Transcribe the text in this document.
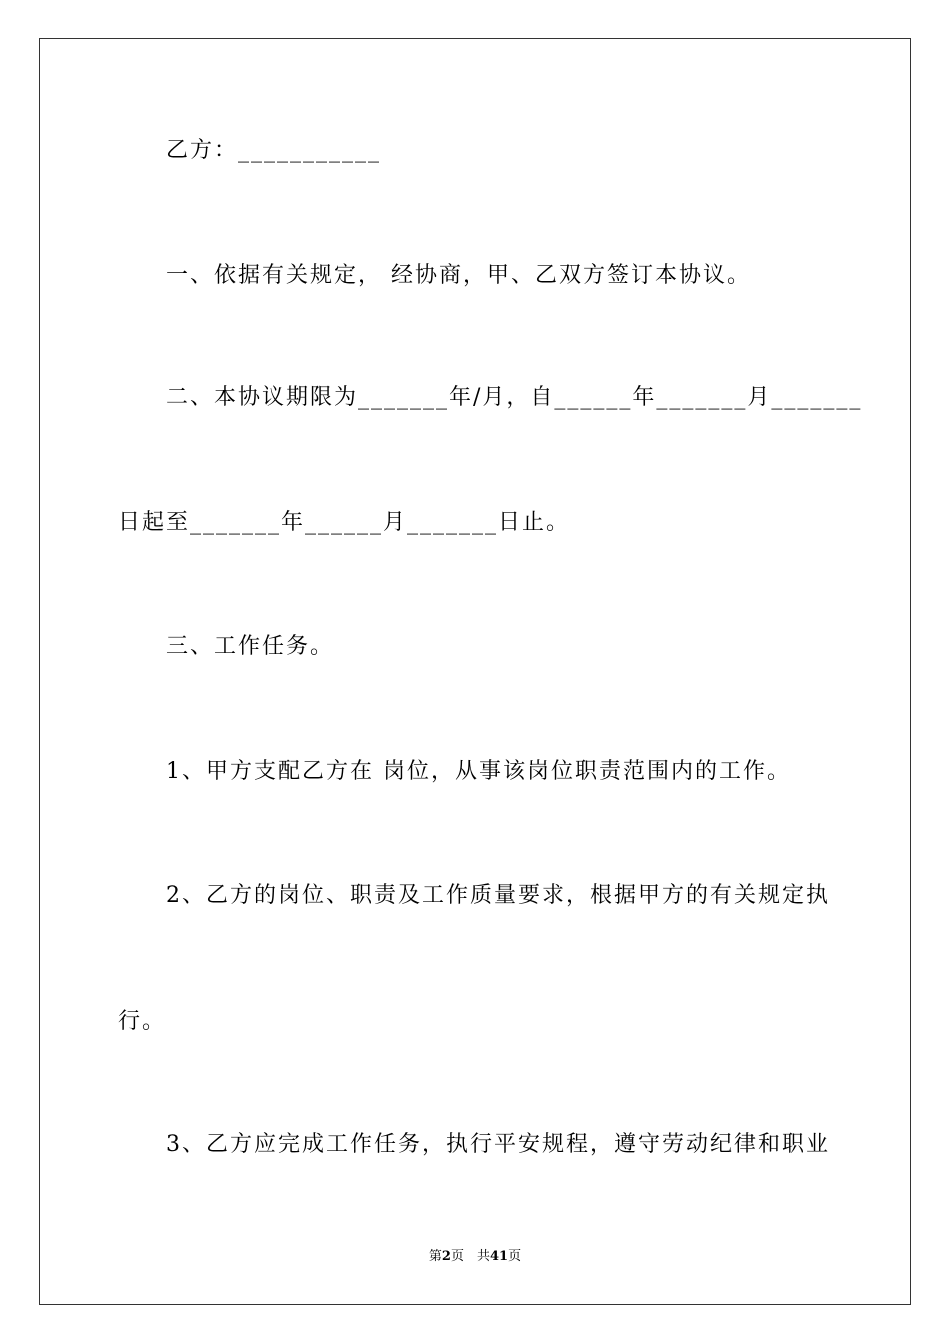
乙方：___________
一、依据有关规定， 经协商，甲、乙双方签订本协议。
二、本协议期限为_______年/月，自______年_______月_______
日起至_______年______月_______日止。
三、工作任务。
1、甲方支配乙方在 岗位，从事该岗位职责范围内的工作。
2、乙方的岗位、职责及工作质量要求，根据甲方的有关规定执
行。
3、乙方应完成工作任务，执行平安规程，遵守劳动纪律和职业
第2页　共41页
